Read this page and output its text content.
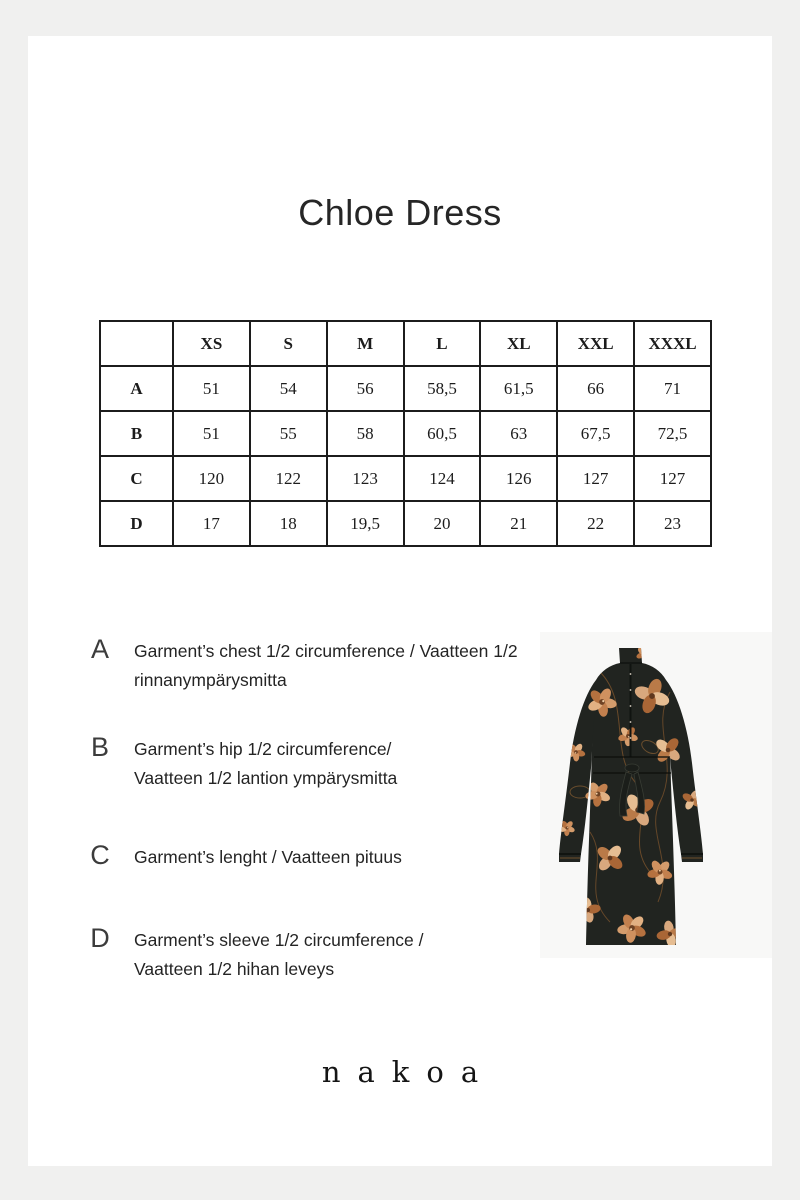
Chloe Dress
	XS	S	M	L	XL	XXL	XXXL
A	51	54	56	58,5	61,5	66	71
B	51	55	58	60,5	63	67,5	72,5
C	120	122	123	124	126	127	127
D	17	18	19,5	20	21	22	23
A	Garment’s chest 1/2 circumference / Vaatteen 1/2
rinnanympärysmitta
B	Garment’s hip 1/2 circumference/
Vaatteen 1/2 lantion ympärysmitta
C	Garment’s lenght / Vaatteen pituus
D	Garment’s sleeve 1/2 circumference /
Vaatteen 1/2 hihan leveys
nakoa
